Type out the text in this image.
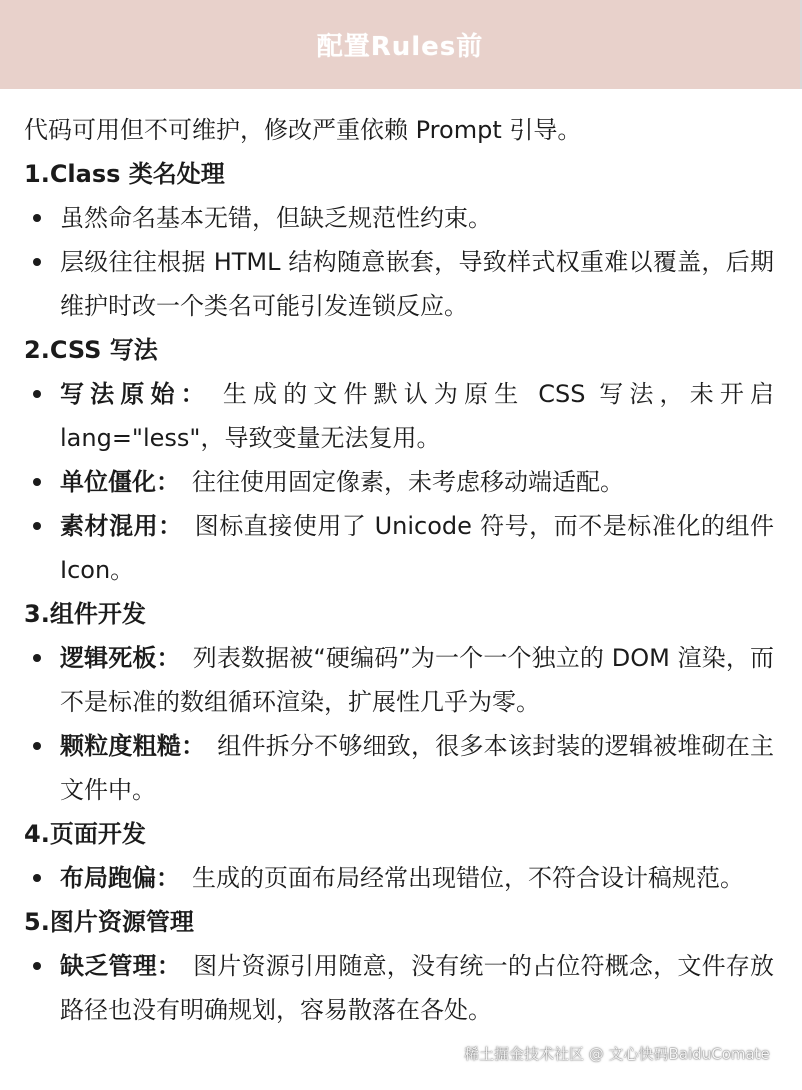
配置Rules前

代码可用但不可维护，修改严重依赖 Prompt 引导。

1.Class 类名处理

虽然命名基本无错，但缺乏规范性约束。
层级往往根据 HTML 结构随意嵌套，导致样式权重难以覆盖，后期维护时改一个类名可能引发连锁反应。

2.CSS 写法

写法原始： 生成的文件默认为原生 CSS 写法，未开启 lang="less"，导致变量无法复用。
单位僵化： 往往使用固定像素，未考虑移动端适配。
素材混用： 图标直接使用了 Unicode 符号，而不是标准化的组件 Icon。

3.组件开发

逻辑死板： 列表数据被“硬编码”为一个一个独立的 DOM 渲染，而不是标准的数组循环渲染，扩展性几乎为零。
颗粒度粗糙： 组件拆分不够细致，很多本该封装的逻辑被堆砌在主文件中。

4.页面开发

布局跑偏： 生成的页面布局经常出现错位，不符合设计稿规范。

5.图片资源管理

缺乏管理： 图片资源引用随意，没有统一的占位符概念，文件存放路径也没有明确规划，容易散落在各处。
稀土掘金技术社区 @ 文心快码BaiduComate
